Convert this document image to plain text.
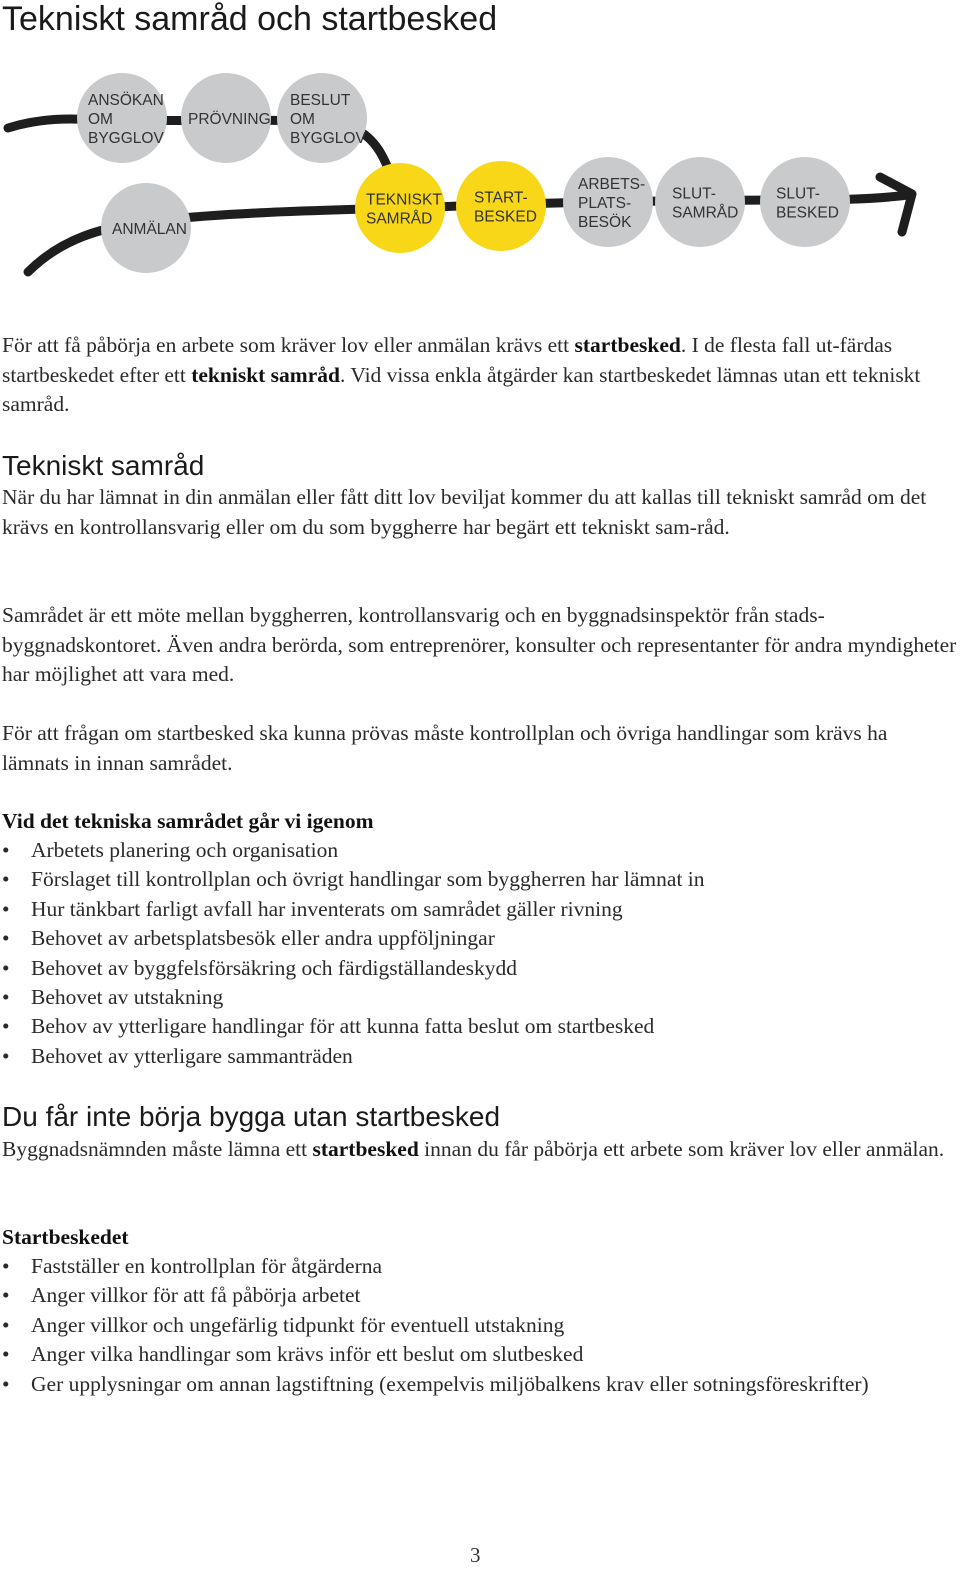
Tekniskt samråd och startbesked
ANSÖKAN
OM
BYGGLOV
PRÖVNING
BESLUT
OM
BYGGLOV
ANMÄLAN
TEKNISKT
SAMRÅD
START-
BESKED
ARBETS-
PLATS-
BESÖK
SLUT-
SAMRÅD
SLUT-
BESKED

För att få påbörja en arbete som kräver lov eller anmälan krävs ett startbesked. I de flesta fall ut-färdas startbeskedet efter ett tekniskt samråd. Vid vissa enkla åtgärder kan startbeskedet lämnas utan ett tekniskt samråd.

Tekniskt samråd

När du har lämnat in din anmälan eller fått ditt lov beviljat kommer du att kallas till tekniskt samråd om det krävs en kontrollansvarig eller om du som byggherre har begärt ett tekniskt sam-råd.

Samrådet är ett möte mellan byggherren, kontrollansvarig och en byggnadsinspektör från stads-byggnadskontoret. Även andra berörda, som entreprenörer, konsulter och representanter för andra myndigheter har möjlighet att vara med.

För att frågan om startbesked ska kunna prövas måste kontrollplan och övriga handlingar som krävs ha lämnats in innan samrådet.

Vid det tekniska samrådet går vi igenom

• Arbetets planering och organisation
• Förslaget till kontrollplan och övrigt handlingar som byggherren har lämnat in
• Hur tänkbart farligt avfall har inventerats om samrådet gäller rivning
• Behovet av arbetsplatsbesök eller andra uppföljningar
• Behovet av byggfelsförsäkring och färdigställandeskydd
• Behovet av utstakning
• Behov av ytterligare handlingar för att kunna fatta beslut om startbesked
• Behovet av ytterligare sammanträden
Du får inte börja bygga utan startbesked

Byggnadsnämnden måste lämna ett startbesked innan du får påbörja ett arbete som kräver lov eller anmälan.

Startbeskedet

• Fastställer en kontrollplan för åtgärderna
• Anger villkor för att få påbörja arbetet
• Anger villkor och ungefärlig tidpunkt för eventuell utstakning
• Anger vilka handlingar som krävs inför ett beslut om slutbesked
• Ger upplysningar om annan lagstiftning (exempelvis miljöbalkens krav eller sotningsföreskrifter)
3
